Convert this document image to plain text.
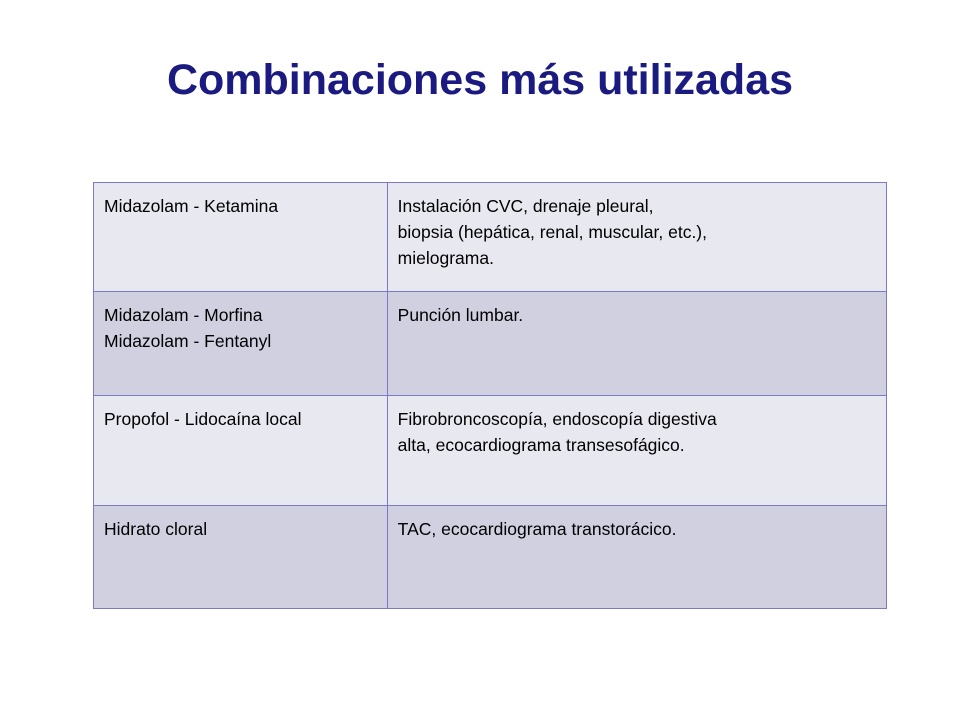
Combinaciones más utilizadas
Midazolam - Ketamina	Instalación CVC, drenaje pleural,
biopsia (hepática, renal, muscular, etc.),
mielograma.

Midazolam - Morfina
Midazolam - Fentanyl	Punción lumbar.

Propofol - Lidocaína local	Fibrobroncoscopía, endoscopía digestiva
alta, ecocardiograma transesofágico.

Hidrato cloral	TAC, ecocardiograma transtorácico.
